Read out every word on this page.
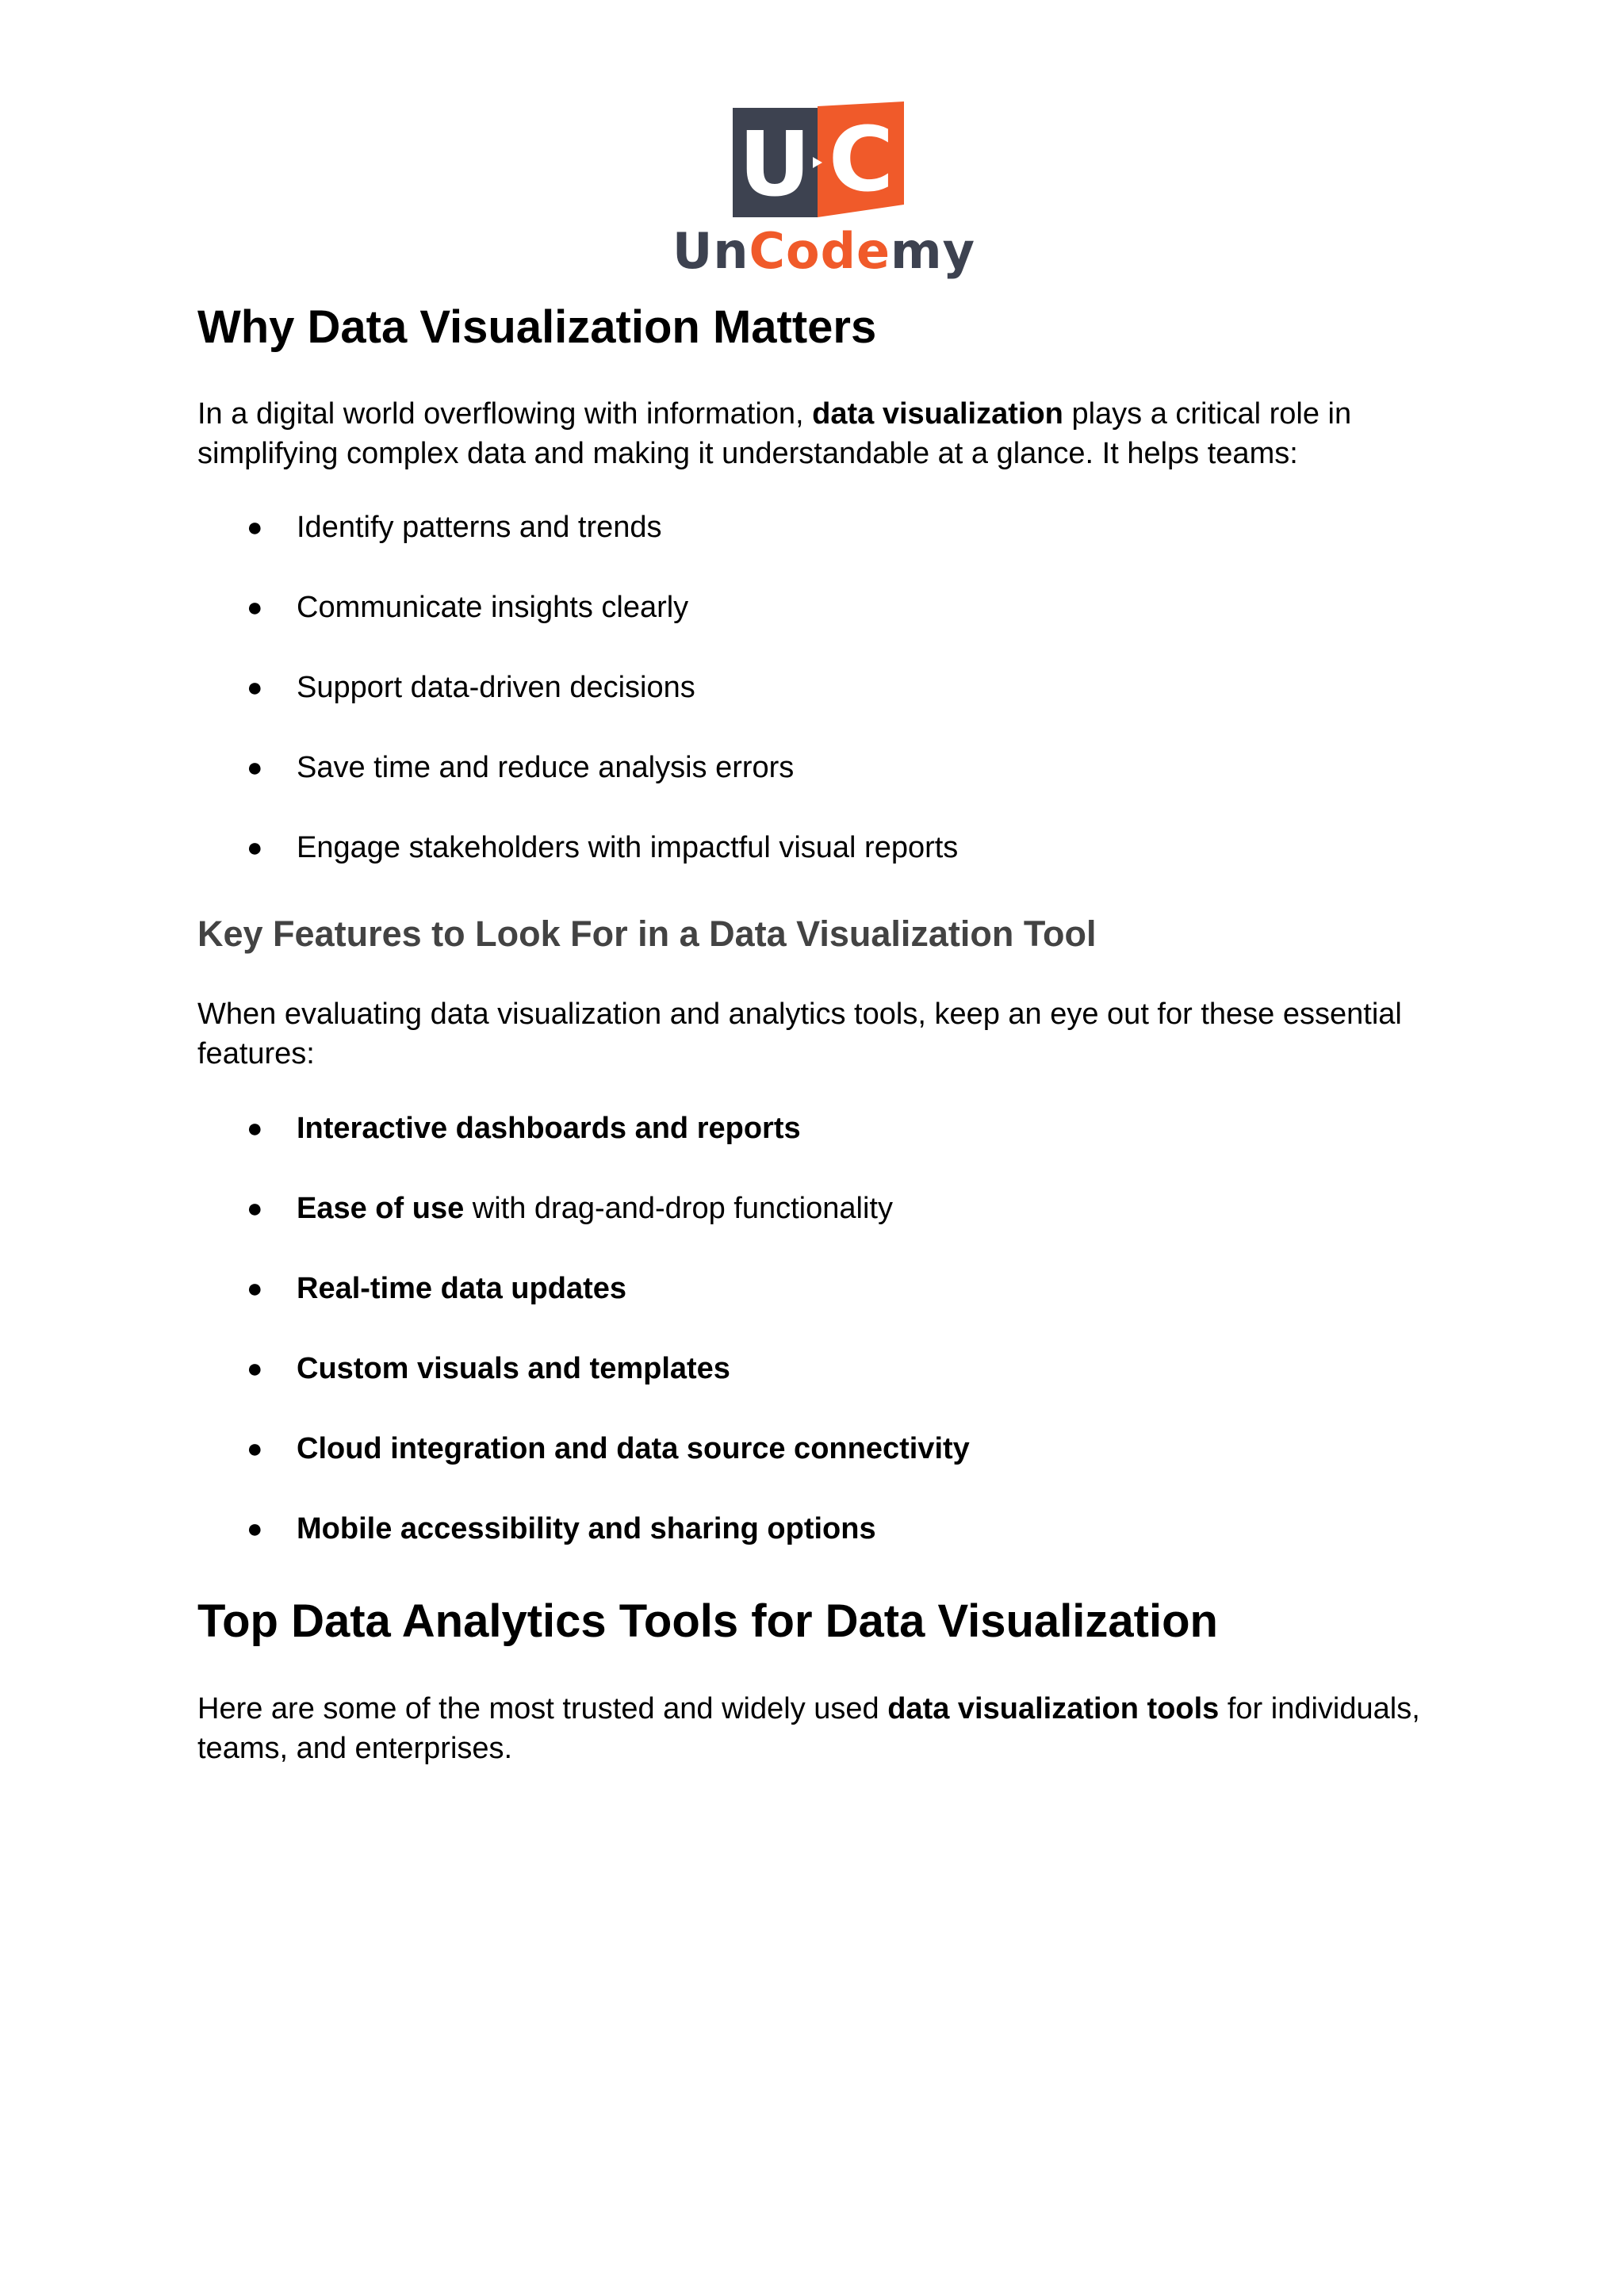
U C
UnCodemy
Why Data Visualization Matters

In a digital world overflowing with information, data visualization plays a critical role in simplifying complex data and making it understandable at a glance. It helps teams:

● Identify patterns and trends
● Communicate insights clearly
● Support data-driven decisions
● Save time and reduce analysis errors
● Engage stakeholders with impactful visual reports
Key Features to Look For in a Data Visualization Tool

When evaluating data visualization and analytics tools, keep an eye out for these essential features:

● Interactive dashboards and reports
● Ease of use with drag-and-drop functionality
● Real-time data updates
● Custom visuals and templates
● Cloud integration and data source connectivity
● Mobile accessibility and sharing options
Top Data Analytics Tools for Data Visualization

Here are some of the most trusted and widely used data visualization tools for individuals, teams, and enterprises.
